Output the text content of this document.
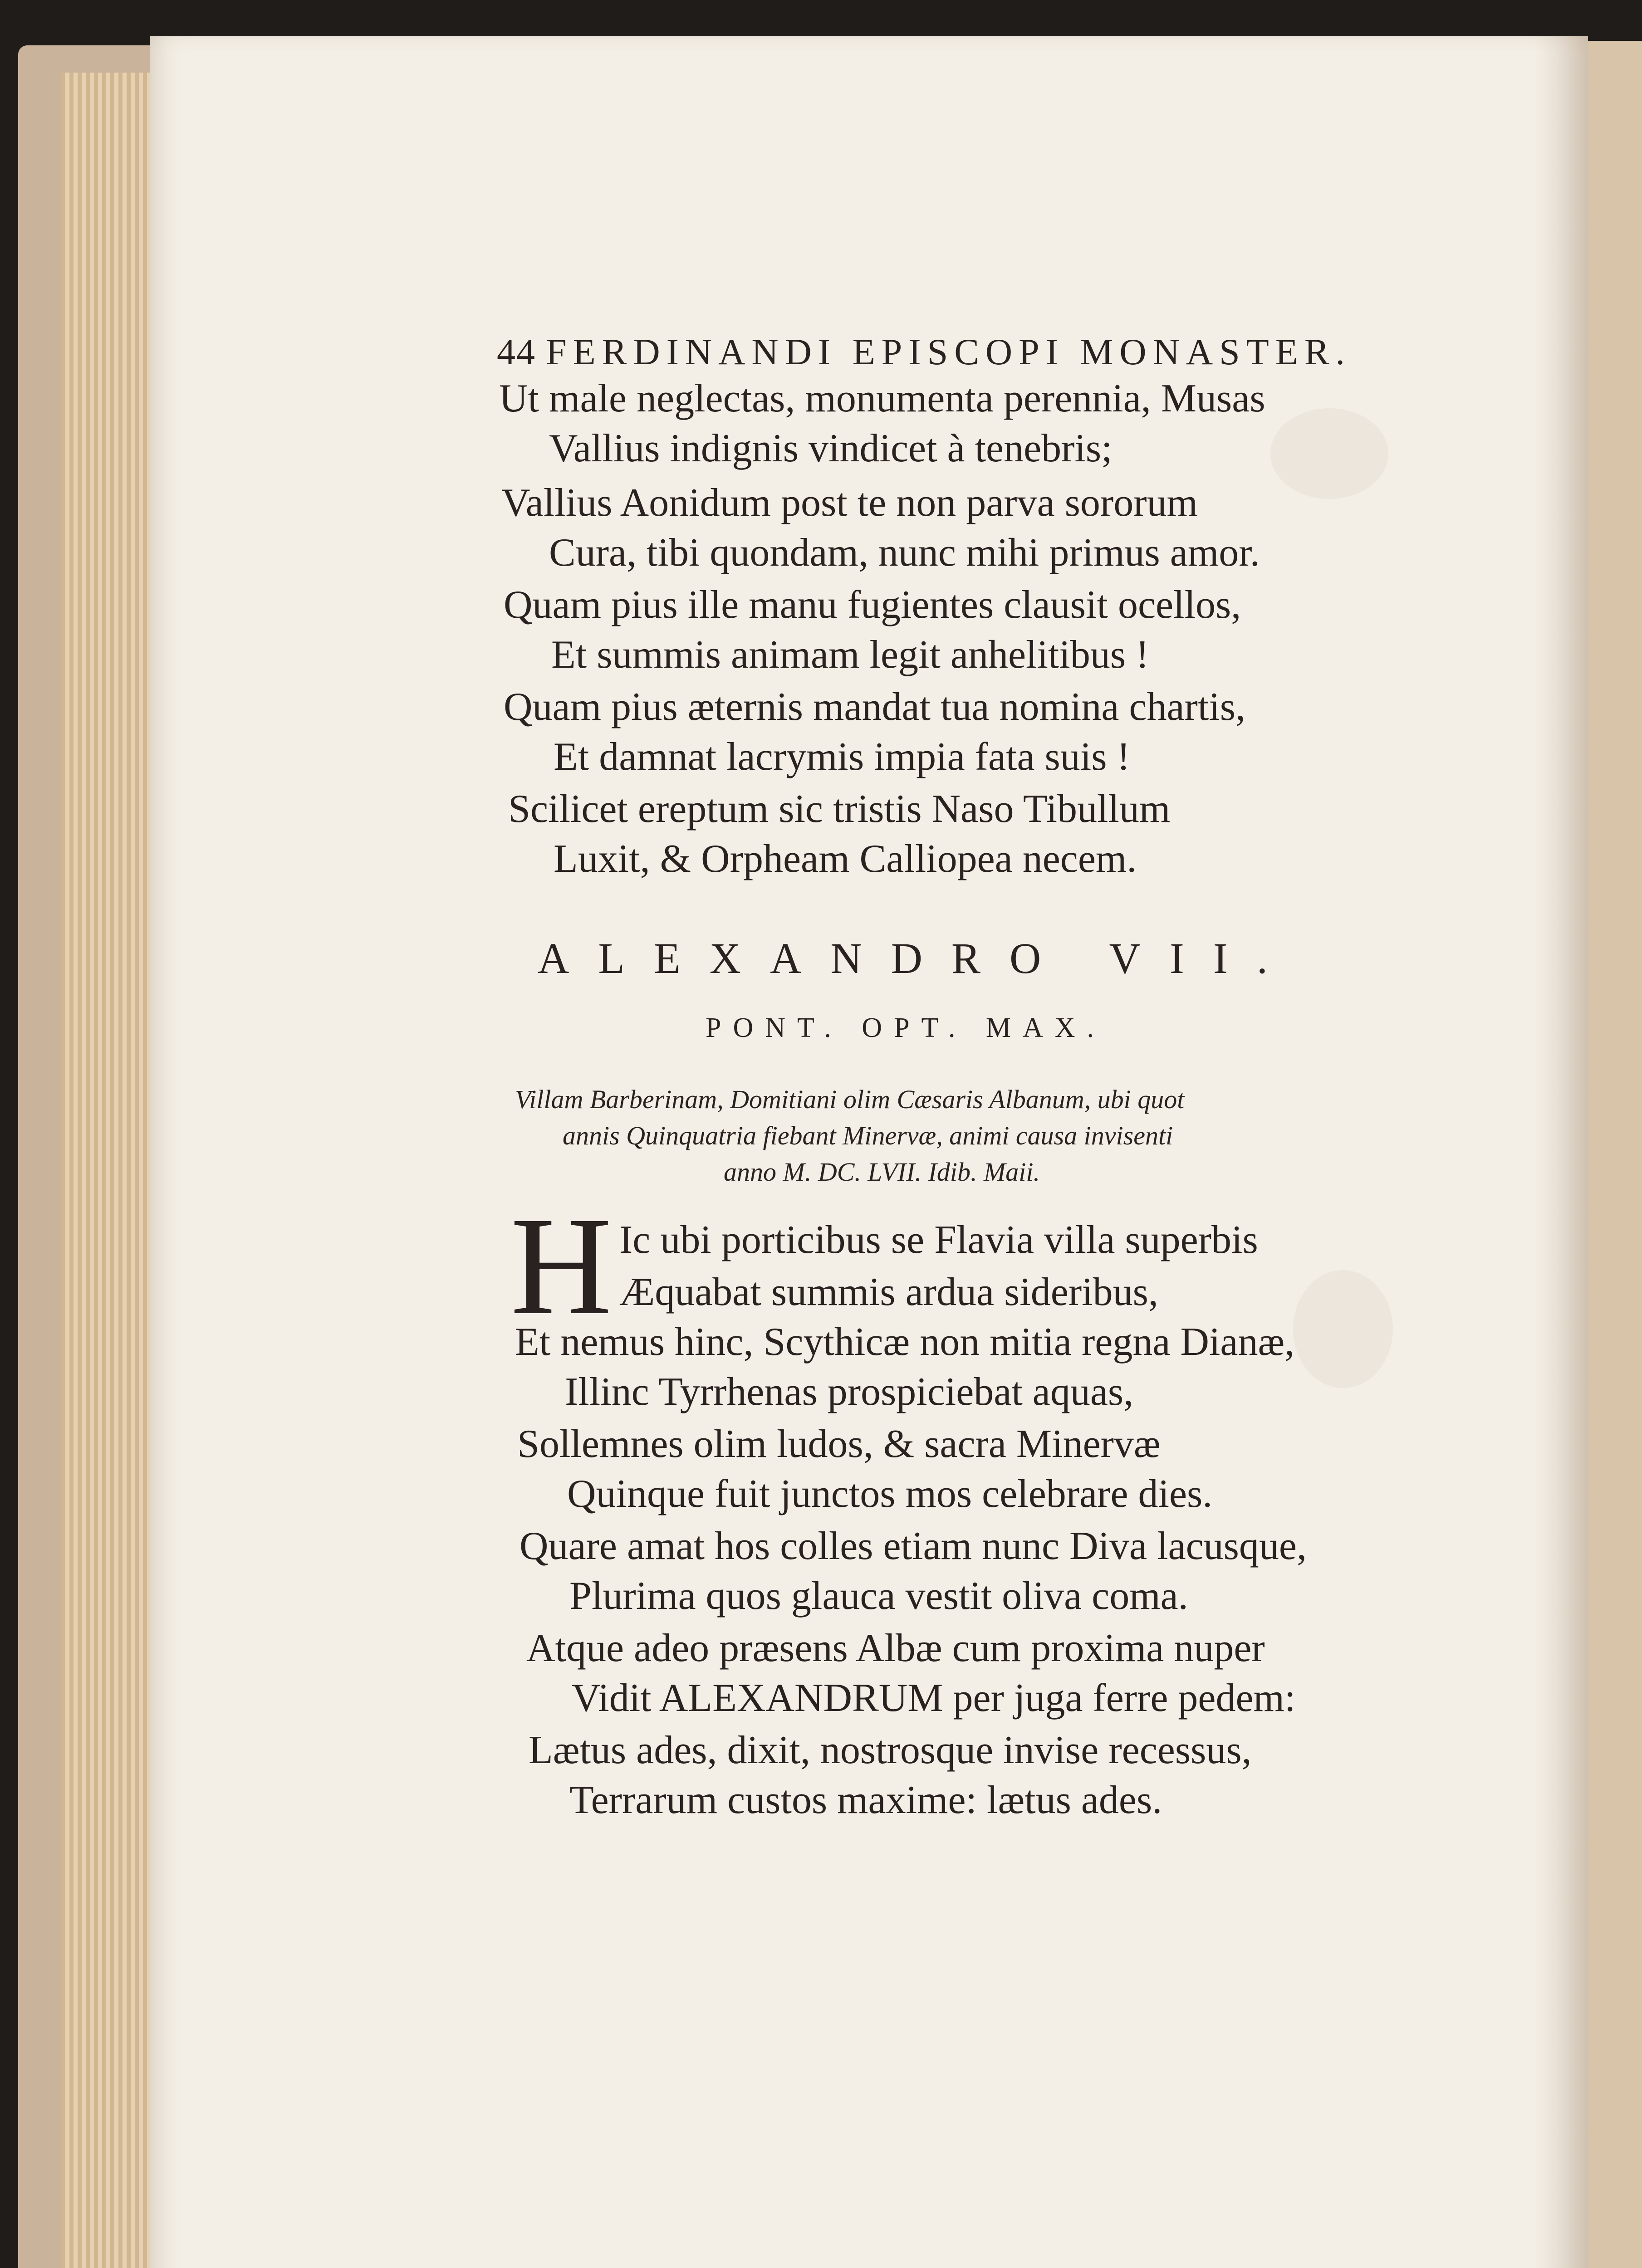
44 FERDINANDI EPISCOPI MONASTER.
Ut male neglectas, monumenta perennia, Musas
Vallius indignis vindicet à tenebris;
Vallius Aonidum post te non parva sororum
Cura, tibi quondam, nunc mihi primus amor.
Quam pius ille manu fugientes clausit ocellos,
Et summis animam legit anhelitibus !
Quam pius æternis mandat tua nomina chartis,
Et damnat lacrymis impia fata suis !
Scilicet ereptum sic tristis Naso Tibullum
Luxit, & Orpheam Calliopea necem.
ALEXANDRO VII.
PONT. OPT. MAX.
Villam Barberinam, Domitiani olim Cæsaris Albanum, ubi quot
annis Quinquatria fiebant Minervæ, animi causa invisenti
anno M. DC. LVII. Idib. Maii.
H Ic ubi porticibus se Flavia villa superbis
Æquabat summis ardua sideribus,
Et nemus hinc, Scythicæ non mitia regna Dianæ,
Illinc Tyrrhenas prospiciebat aquas,
Sollemnes olim ludos, & sacra Minervæ
Quinque fuit junctos mos celebrare dies.
Quare amat hos colles etiam nunc Diva lacusque,
Plurima quos glauca vestit oliva coma.
Atque adeo præsens Albæ cum proxima nuper
Vidit ALEXANDRUM per juga ferre pedem:
Lætus ades, dixit, nostrosque invise recessus,
Terrarum custos maxime: lætus ades.
